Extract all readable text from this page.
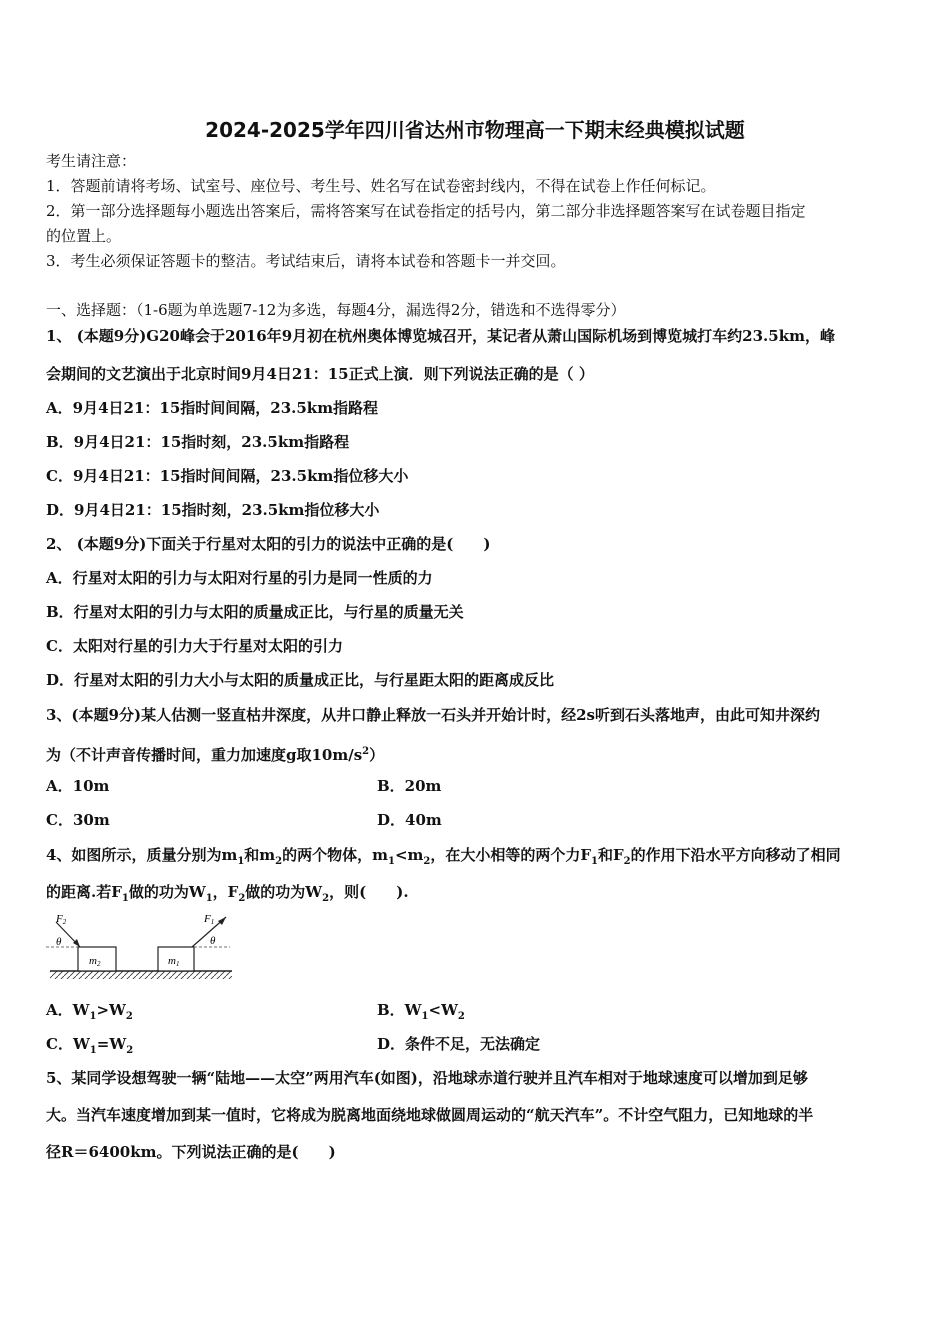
2024-2025学年四川省达州市物理高一下期末经典模拟试题
考生请注意：
1．答题前请将考场、试室号、座位号、考生号、姓名写在试卷密封线内，不得在试卷上作任何标记。
2．第一部分选择题每小题选出答案后，需将答案写在试卷指定的括号内，第二部分非选择题答案写在试卷题目指定
的位置上。
3．考生必须保证答题卡的整洁。考试结束后，请将本试卷和答题卡一并交回。
一、选择题：（1-6题为单选题7-12为多选，每题4分，漏选得2分，错选和不选得零分）
1、 (本题9分)G20峰会于2016年9月初在杭州奥体博览城召开，某记者从萧山国际机场到博览城打车约23.5km，峰
会期间的文艺演出于北京时间9月4日21：15正式上演．则下列说法正确的是（ ）
A．9月4日21：15指时间间隔，23.5km指路程
B．9月4日21：15指时刻，23.5km指路程
C．9月4日21：15指时间间隔，23.5km指位移大小
D．9月4日21：15指时刻，23.5km指位移大小
2、 (本题9分)下面关于行星对太阳的引力的说法中正确的是(　　)
A．行星对太阳的引力与太阳对行星的引力是同一性质的力
B．行星对太阳的引力与太阳的质量成正比，与行星的质量无关
C．太阳对行星的引力大于行星对太阳的引力
D．行星对太阳的引力大小与太阳的质量成正比，与行星距太阳的距离成反比
3、(本题9分)某人估测一竖直枯井深度，从井口静止释放一石头并开始计时，经2s听到石头落地声，由此可知井深约
为（不计声音传播时间，重力加速度g取$10m/s^2$）
A．10m	B．20m
C．30m	D．40m
4、如图所示，质量分别为$m_1$和$m_2$的两个物体，$m_1<m_2$，在大小相等的两个力$F_1$和$F_2$的作用下沿水平方向移动了相同
的距离.若$F_1$做的功为$W_1$，$F_2$做的功为$W_2$，则(　　).
m2
F2
θ
m1
F1
θ
A．$W_1>W_2$	B．$W_1<W_2$
C．$W_1=W_2$	D．条件不足，无法确定
5、某同学设想驾驶一辆“陆地——太空”两用汽车(如图)，沿地球赤道行驶并且汽车相对于地球速度可以增加到足够
大。当汽车速度增加到某一值时，它将成为脱离地面绕地球做圆周运动的“航天汽车”。不计空气阻力，已知地球的半
径R＝6400km。下列说法正确的是(　　)
